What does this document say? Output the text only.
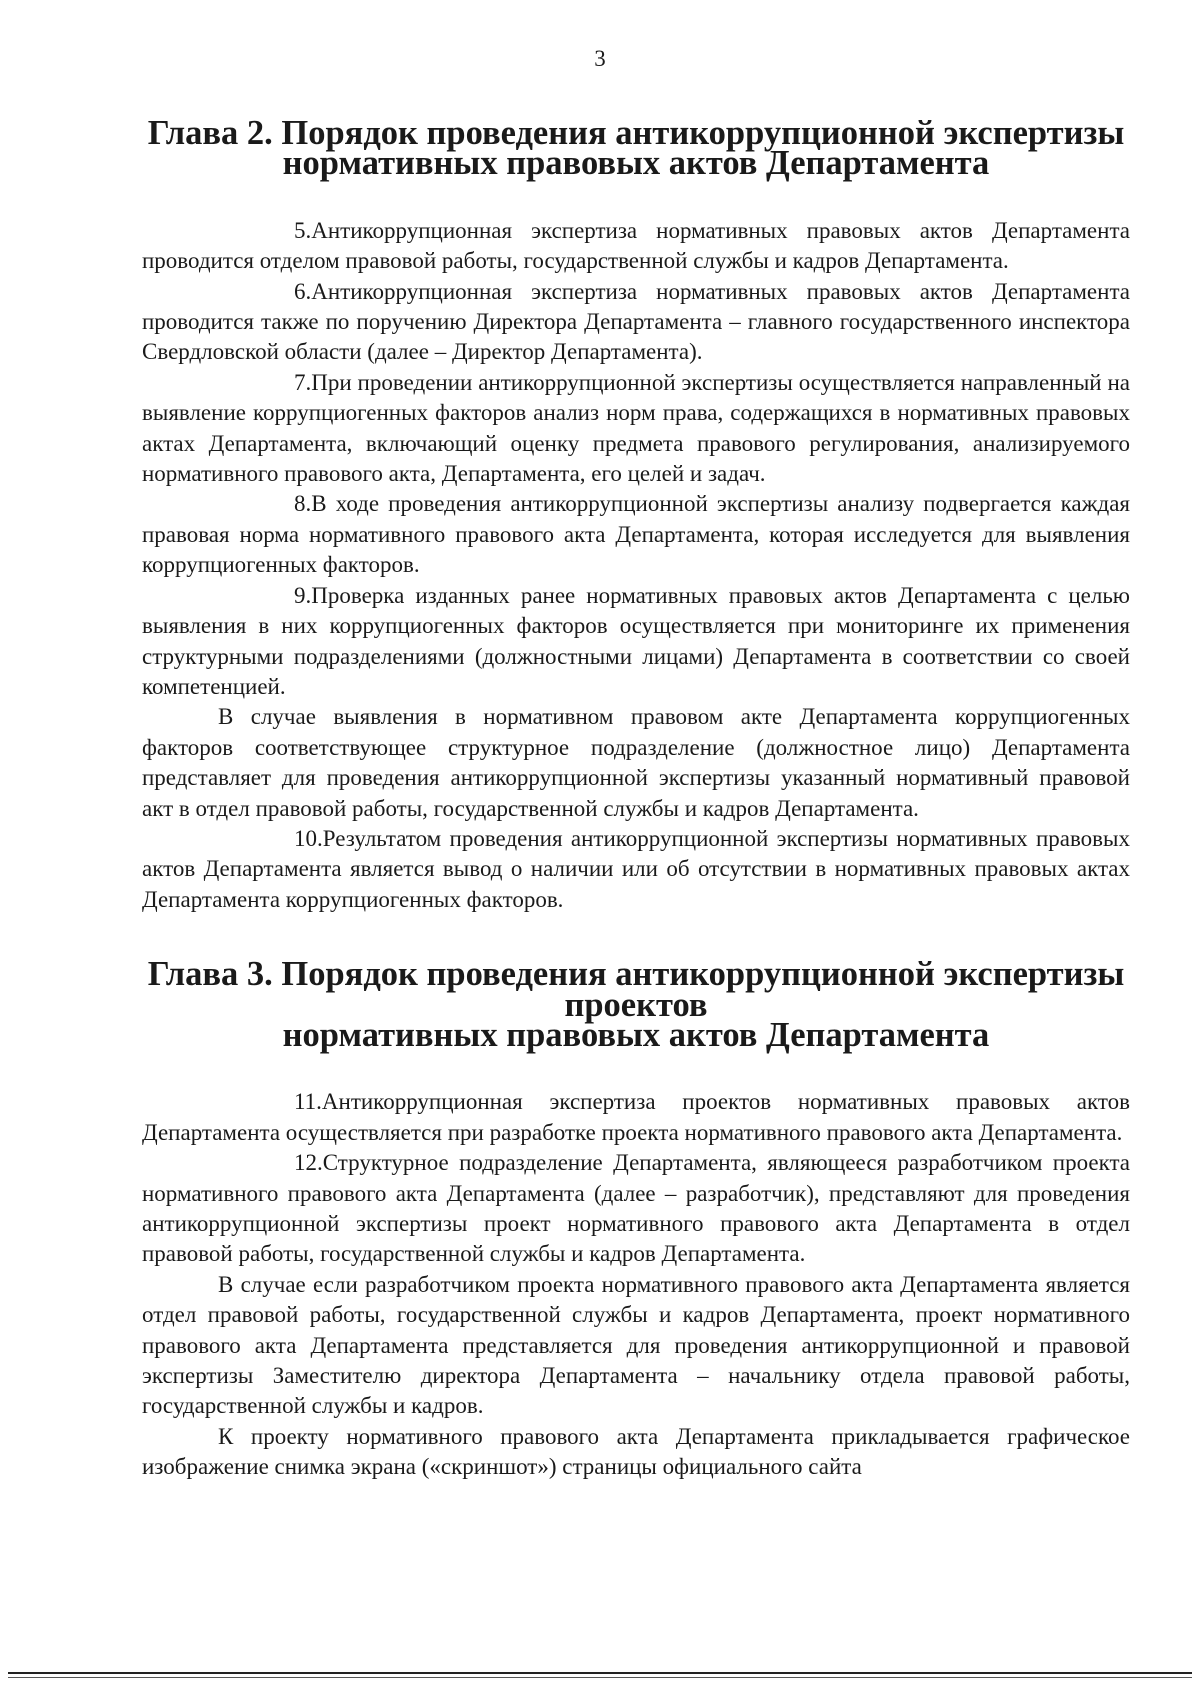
3
Глава 2. Порядок проведения антикоррупционной экспертизы
нормативных правовых актов Департамента

5.Антикоррупционная экспертиза нормативных правовых актов Департамента проводится отделом правовой работы, государственной службы и кадров Департамента.

6.Антикоррупционная экспертиза нормативных правовых актов Департамента проводится также по поручению Директора Департамента – главного государственного инспектора Свердловской области (далее – Директор Департамента).

7.При проведении антикоррупционной экспертизы осуществляется направленный на выявление коррупциогенных факторов анализ норм права, содержащихся в нормативных правовых актах Департамента, включающий оценку предмета правового регулирования, анализируемого нормативного правового акта, Департамента, его целей и задач.

8.В ходе проведения антикоррупционной экспертизы анализу подвергается каждая правовая норма нормативного правового акта Департамента, которая исследуется для выявления коррупциогенных факторов.

9.Проверка изданных ранее нормативных правовых актов Департамента с целью выявления в них коррупциогенных факторов осуществляется при мониторинге их применения структурными подразделениями (должностными лицами) Департамента в соответствии со своей компетенцией.

В случае выявления в нормативном правовом акте Департамента коррупциогенных факторов соответствующее структурное подразделение (должностное лицо) Департамента представляет для проведения антикоррупционной экспертизы указанный нормативный правовой акт в отдел правовой работы, государственной службы и кадров Департамента.

10.Результатом проведения антикоррупционной экспертизы нормативных правовых актов Департамента является вывод о наличии или об отсутствии в нормативных правовых актах Департамента коррупциогенных факторов.

Глава 3. Порядок проведения антикоррупционной экспертизы проектов
нормативных правовых актов Департамента

11.Антикоррупционная экспертиза проектов нормативных правовых актов Департамента осуществляется при разработке проекта нормативного правового акта Департамента.

12.Структурное подразделение Департамента, являющееся разработчиком проекта нормативного правового акта Департамента (далее – разработчик), представляют для проведения антикоррупционной экспертизы проект нормативного правового акта Департамента в отдел правовой работы, государственной службы и кадров Департамента.

В случае если разработчиком проекта нормативного правового акта Департамента является отдел правовой работы, государственной службы и кадров Департамента, проект нормативного правового акта Департамента представляется для проведения антикоррупционной и правовой экспертизы Заместителю директора Департамента – начальнику отдела правовой работы, государственной службы и кадров.

К проекту нормативного правового акта Департамента прикладывается графическое изображение снимка экрана («скриншот») страницы официального сайта
